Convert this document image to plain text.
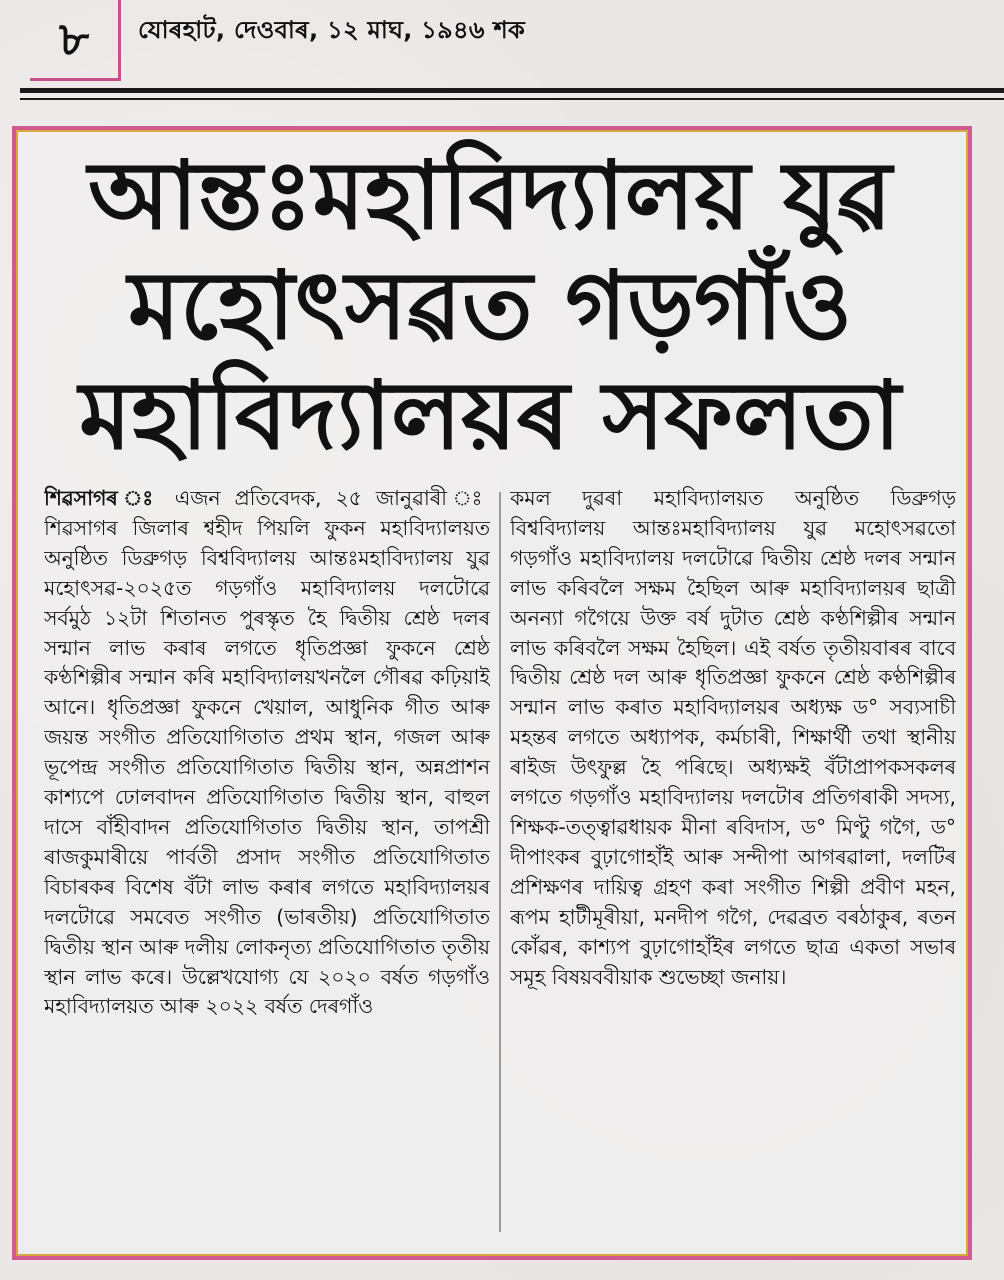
৮ যোৰহাট, দেওবাৰ, ১২ মাঘ, ১৯৪৬ শক
আন্তঃমহাবিদ্যালয় যুৱ
মহোৎসৱত গড়গাঁও
মহাবিদ্যালয়ৰ সফলতা
শিৱসাগৰ ঃ এজন প্ৰতিবেদক, ২৫ জানুৱাৰী ঃ শিৱসাগৰ জিলাৰ শ্বহীদ পিয়লি ফুকন মহাবিদ্যালয়ত অনুষ্ঠিত ডিব্ৰুগড় বিশ্ববিদ্যালয় আন্তঃমহাবিদ্যালয় যুৱ মহোৎসৱ-২০২৫ত গড়গাঁও মহাবিদ্যালয় দলটোৱে সৰ্বমুঠ ১২টা শিতানত পুৰস্কৃত হৈ দ্বিতীয় শ্ৰেষ্ঠ দলৰ সন্মান লাভ কৰাৰ লগতে ধৃতিপ্ৰজ্ঞা ফুকনে শ্ৰেষ্ঠ কণ্ঠশিল্পীৰ সন্মান কৰি মহাবিদ্যালয়খনলৈ গৌৰৱ কঢ়িয়াই আনে। ধৃতিপ্ৰজ্ঞা ফুকনে খেয়াল, আধুনিক গীত আৰু জয়ন্ত সংগীত প্ৰতিযোগিতাত প্ৰথম স্থান, গজল আৰু ভূপেন্দ্ৰ সংগীত প্ৰতিযোগিতাত দ্বিতীয় স্থান, অন্নপ্ৰাশন কাশ্যপে ঢোলবাদন প্ৰতিযোগিতাত দ্বিতীয় স্থান, বাহুল দাসে বাঁহীবাদন প্ৰতিযোগিতাত দ্বিতীয় স্থান, তাপশ্ৰী ৰাজকুমাৰীয়ে পাৰ্বতী প্ৰসাদ সংগীত প্ৰতিযোগিতাত বিচাৰকৰ বিশেষ বঁটা লাভ কৰাৰ লগতে মহাবিদ্যালয়ৰ দলটোৱে সমবেত সংগীত (ভাৰতীয়) প্ৰতিযোগিতাত দ্বিতীয় স্থান আৰু দলীয় লোকনৃত্য প্ৰতিযোগিতাত তৃতীয় স্থান লাভ কৰে। উল্লেখযোগ্য যে ২০২০ বৰ্ষত গড়গাঁও মহাবিদ্যালয়ত আৰু ২০২২ বৰ্ষত দেৰগাঁও
কমল দুৱৰা মহাবিদ্যালয়ত অনুষ্ঠিত ডিব্ৰুগড় বিশ্ববিদ্যালয় আন্তঃমহাবিদ্যালয় যুৱ মহোৎসৱতো গড়গাঁও মহাবিদ্যালয় দলটোৱে দ্বিতীয় শ্ৰেষ্ঠ দলৰ সন্মান লাভ কৰিবলৈ সক্ষম হৈছিল আৰু মহাবিদ্যালয়ৰ ছাত্ৰী অনন্যা গগৈয়ে উক্ত বৰ্ষ দুটাত শ্ৰেষ্ঠ কণ্ঠশিল্পীৰ সন্মান লাভ কৰিবলৈ সক্ষম হৈছিল। এই বৰ্ষত তৃতীয়বাৰৰ বাবে দ্বিতীয় শ্ৰেষ্ঠ দল আৰু ধৃতিপ্ৰজ্ঞা ফুকনে শ্ৰেষ্ঠ কণ্ঠশিল্পীৰ সন্মান লাভ কৰাত মহাবিদ্যালয়ৰ অধ্যক্ষ ড° সব্যসাচী মহন্তৰ লগতে অধ্যাপক, কৰ্মচাৰী, শিক্ষাৰ্থী তথা স্থানীয় ৰাইজ উৎফুল্ল হৈ পৰিছে। অধ্যক্ষই বঁটাপ্ৰাপকসকলৰ লগতে গড়গাঁও মহাবিদ্যালয় দলটোৰ প্ৰতিগৰাকী সদস্য, শিক্ষক-তত্ত্বাৱধায়ক মীনা ৰবিদাস, ড° মিণ্টু গগৈ, ড° দীপাংকৰ বুঢ়াগোহাঁই আৰু সন্দীপা আগৰৱালা, দলটিৰ প্ৰশিক্ষণৰ দায়িত্ব গ্ৰহণ কৰা সংগীত শিল্পী প্ৰবীণ মহন, ৰূপম হাটীমূৰীয়া, মনদীপ গগৈ, দেৱব্ৰত বৰঠাকুৰ, ৰতন কোঁৱৰ, কাশ্যপ বুঢ়াগোহাঁইৰ লগতে ছাত্ৰ একতা সভাৰ সমূহ বিষয়ববীয়াক শুভেচ্ছা জনায়।
